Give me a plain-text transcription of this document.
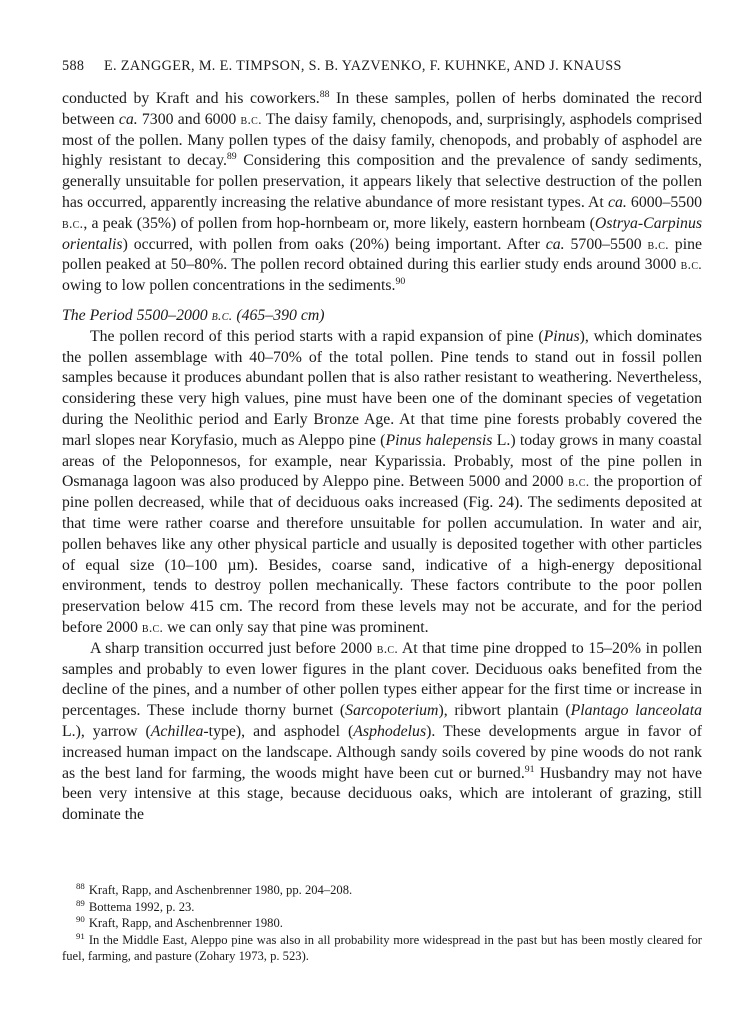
588 E. ZANGGER, M. E. TIMPSON, S. B. YAZVENKO, F. KUHNKE, AND J. KNAUSS

conducted by Kraft and his coworkers.$^{88}$ In these samples, pollen of herbs dominated the record between ca. 7300 and 6000 b.c. The daisy family, chenopods, and, surprisingly, asphodels comprised most of the pollen. Many pollen types of the daisy family, chenopods, and probably of asphodel are highly resistant to decay.$^{89}$ Considering this composition and the prevalence of sandy sediments, generally unsuitable for pollen preservation, it appears likely that selective destruction of the pollen has occurred, apparently increasing the relative abundance of more resistant types. At ca. 6000–5500 b.c., a peak (35%) of pollen from hop-hornbeam or, more likely, eastern hornbeam (Ostrya-Carpinus orientalis) occurred, with pollen from oaks (20%) being important. After ca. 5700–5500 b.c. pine pollen peaked at 50–80%. The pollen record obtained during this earlier study ends around 3000 b.c. owing to low pollen concentrations in the sediments.$^{90}$

The Period 5500–2000 b.c. (465–390 cm)

The pollen record of this period starts with a rapid expansion of pine (Pinus), which dominates the pollen assemblage with 40–70% of the total pollen. Pine tends to stand out in fossil pollen samples because it produces abundant pollen that is also rather resistant to weathering. Nevertheless, considering these very high values, pine must have been one of the dominant species of vegetation during the Neolithic period and Early Bronze Age. At that time pine forests probably covered the marl slopes near Koryfasio, much as Aleppo pine (Pinus halepensis L.) today grows in many coastal areas of the Peloponnesos, for example, near Kyparissia. Probably, most of the pine pollen in Osmanaga lagoon was also produced by Aleppo pine. Between 5000 and 2000 b.c. the proportion of pine pollen decreased, while that of deciduous oaks increased (Fig. 24). The sediments deposited at that time were rather coarse and therefore unsuitable for pollen accumulation. In water and air, pollen behaves like any other physical particle and usually is deposited together with other particles of equal size (10–100 µm). Besides, coarse sand, indicative of a high-energy depositional environment, tends to destroy pollen mechanically. These factors contribute to the poor pollen preservation below 415 cm. The record from these levels may not be accurate, and for the period before 2000 b.c. we can only say that pine was prominent.

A sharp transition occurred just before 2000 b.c. At that time pine dropped to 15–20% in pollen samples and probably to even lower figures in the plant cover. Deciduous oaks benefited from the decline of the pines, and a number of other pollen types either appear for the first time or increase in percentages. These include thorny burnet (Sarcopoterium), ribwort plantain (Plantago lanceolata L.), yarrow (Achillea-type), and asphodel (Asphodelus). These developments argue in favor of increased human impact on the landscape. Although sandy soils covered by pine woods do not rank as the best land for farming, the woods might have been cut or burned.$^{91}$ Husbandry may not have been very intensive at this stage, because deciduous oaks, which are intolerant of grazing, still dominate the

$^{88}$ Kraft, Rapp, and Aschenbrenner 1980, pp. 204–208.

$^{89}$ Bottema 1992, p. 23.

$^{90}$ Kraft, Rapp, and Aschenbrenner 1980.

$^{91}$ In the Middle East, Aleppo pine was also in all probability more widespread in the past but has been mostly cleared for fuel, farming, and pasture (Zohary 1973, p. 523).
